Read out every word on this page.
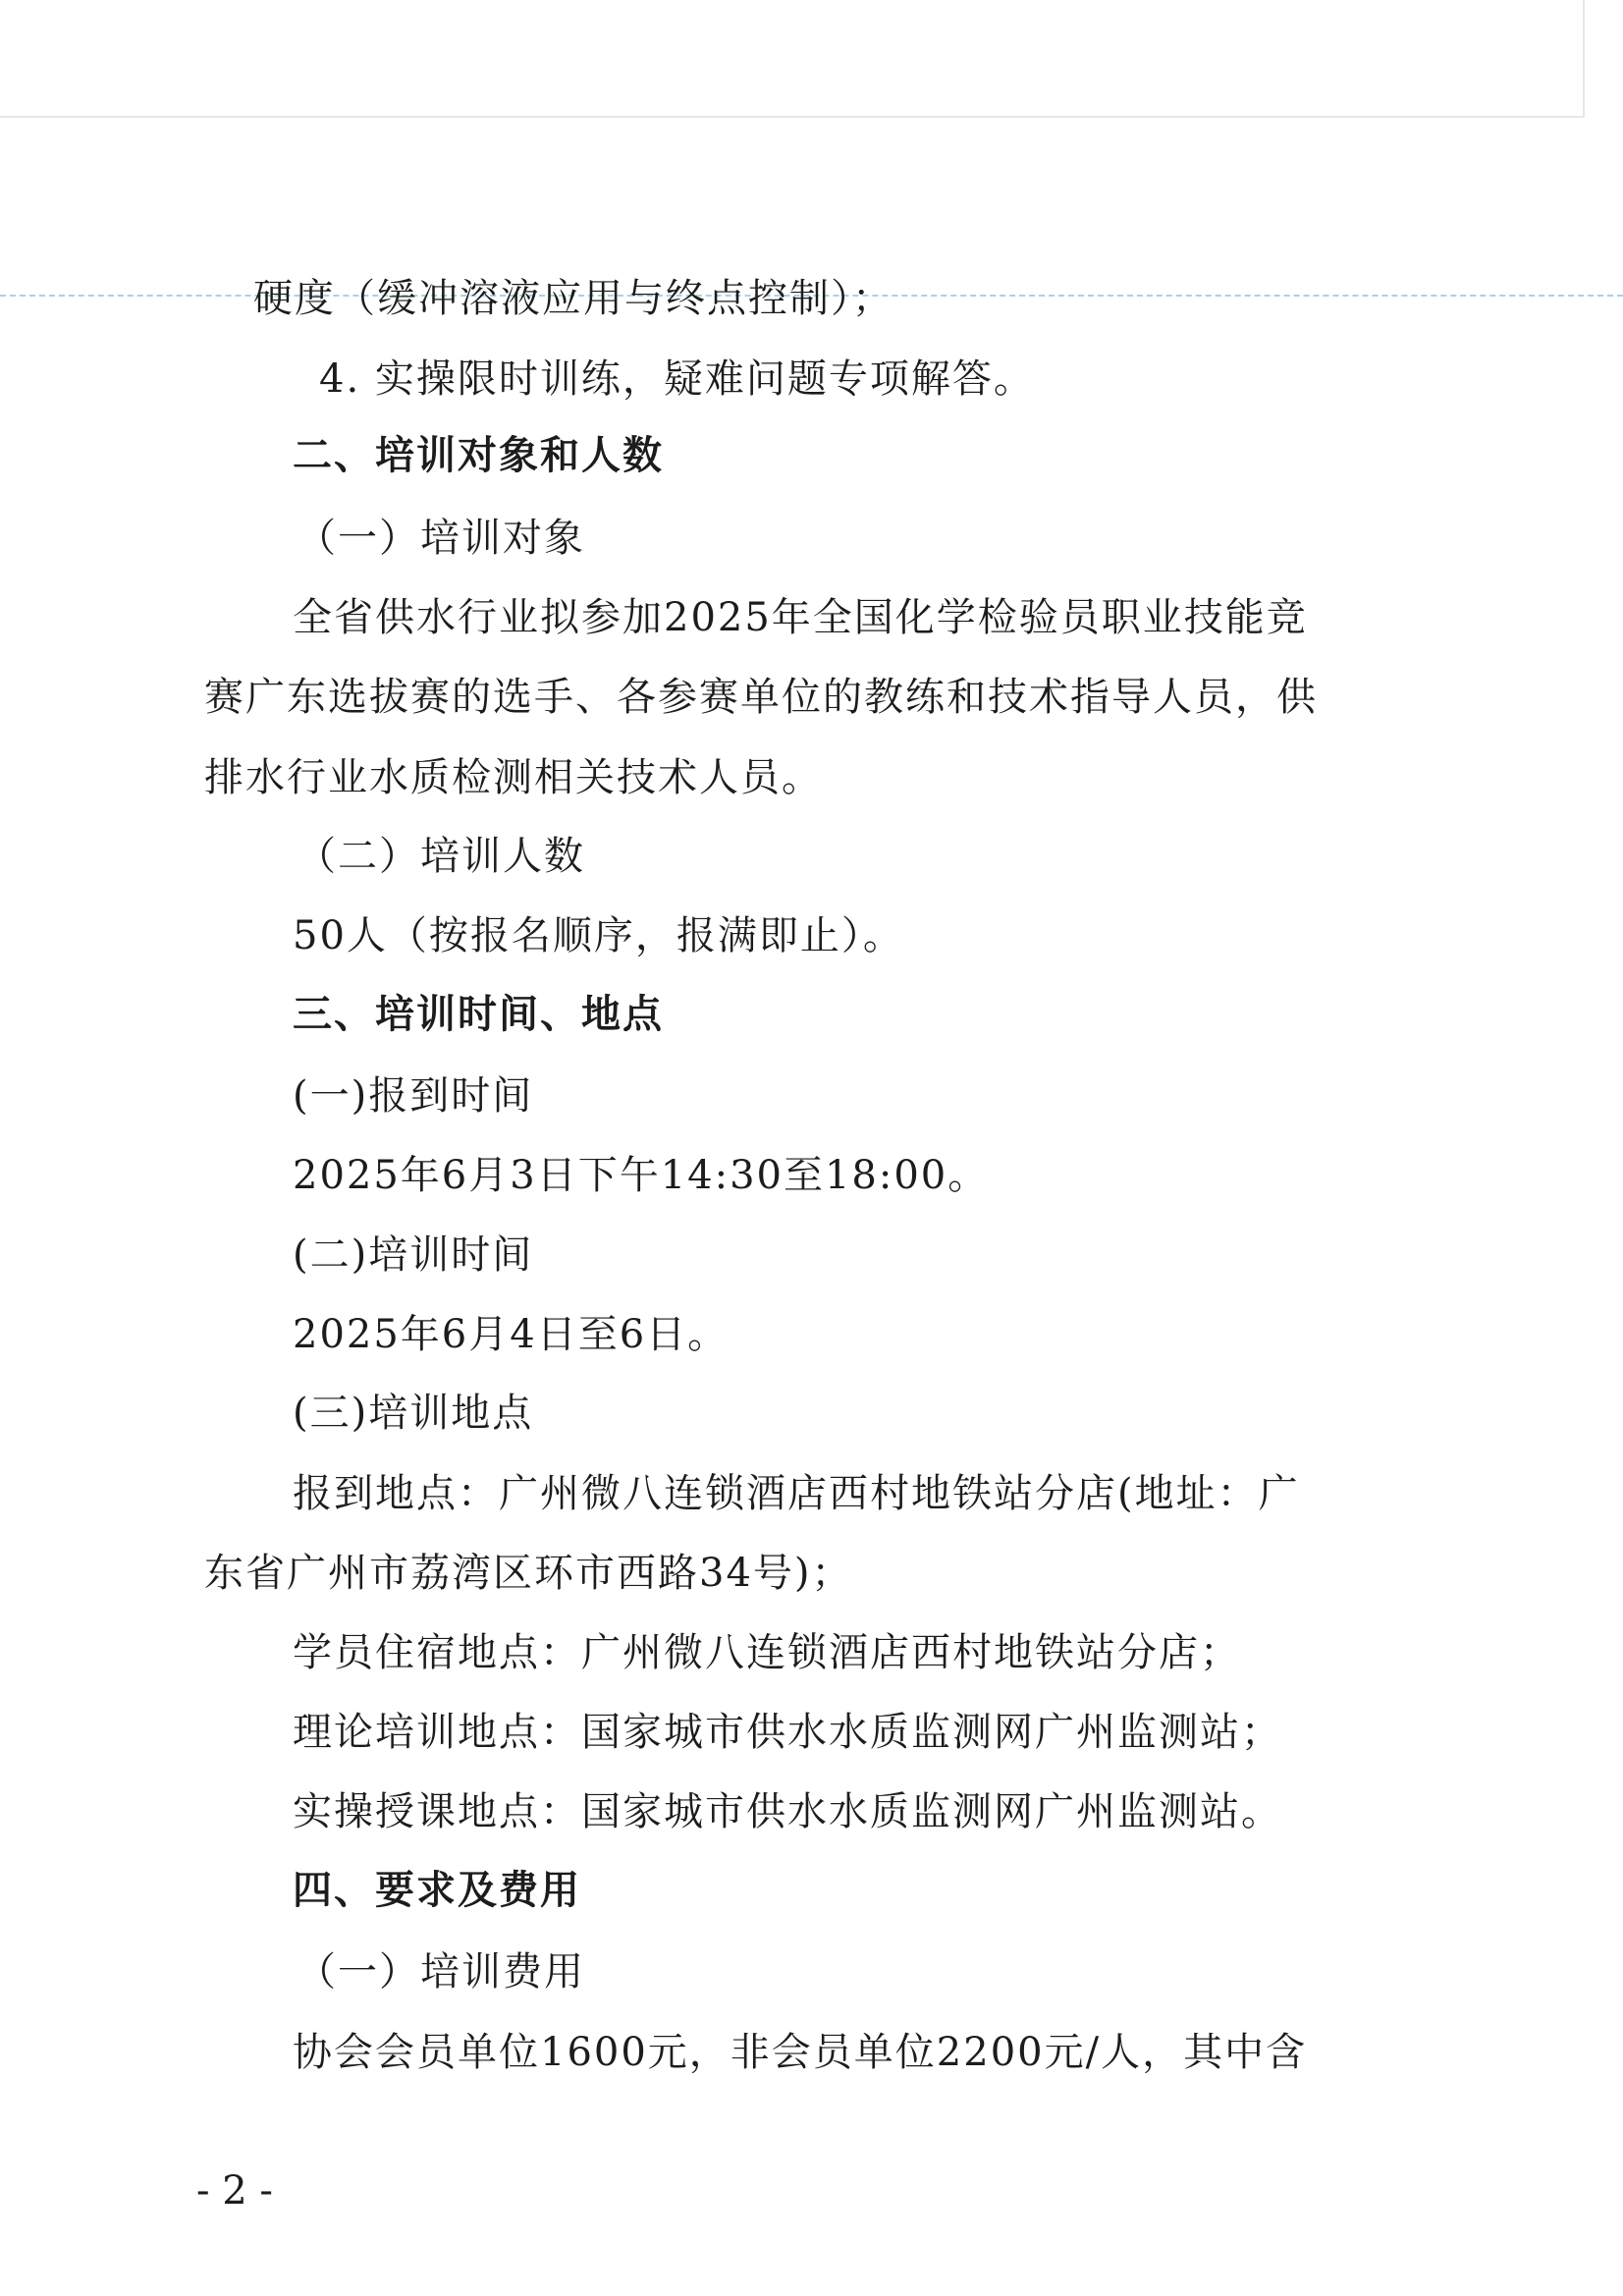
硬度（缓冲溶液应用与终点控制）；
4. 实操限时训练，疑难问题专项解答。
二、培训对象和人数
（一）培训对象
全省供水行业拟参加2025年全国化学检验员职业技能竞
赛广东选拔赛的选手、各参赛单位的教练和技术指导人员，供
排水行业水质检测相关技术人员。
（二）培训人数
50人（按报名顺序，报满即止）。
三、培训时间、地点
(一)报到时间
2025年6月3日下午14:30至18:00。
(二)培训时间
2025年6月4日至6日。
(三)培训地点
报到地点：广州微八连锁酒店西村地铁站分店(地址：广
东省广州市荔湾区环市西路34号)；
学员住宿地点：广州微八连锁酒店西村地铁站分店；
理论培训地点：国家城市供水水质监测网广州监测站；
实操授课地点：国家城市供水水质监测网广州监测站。
四、要求及费用
（一）培训费用
协会会员单位1600元，非会员单位2200元/人，其中含
- 2 -
